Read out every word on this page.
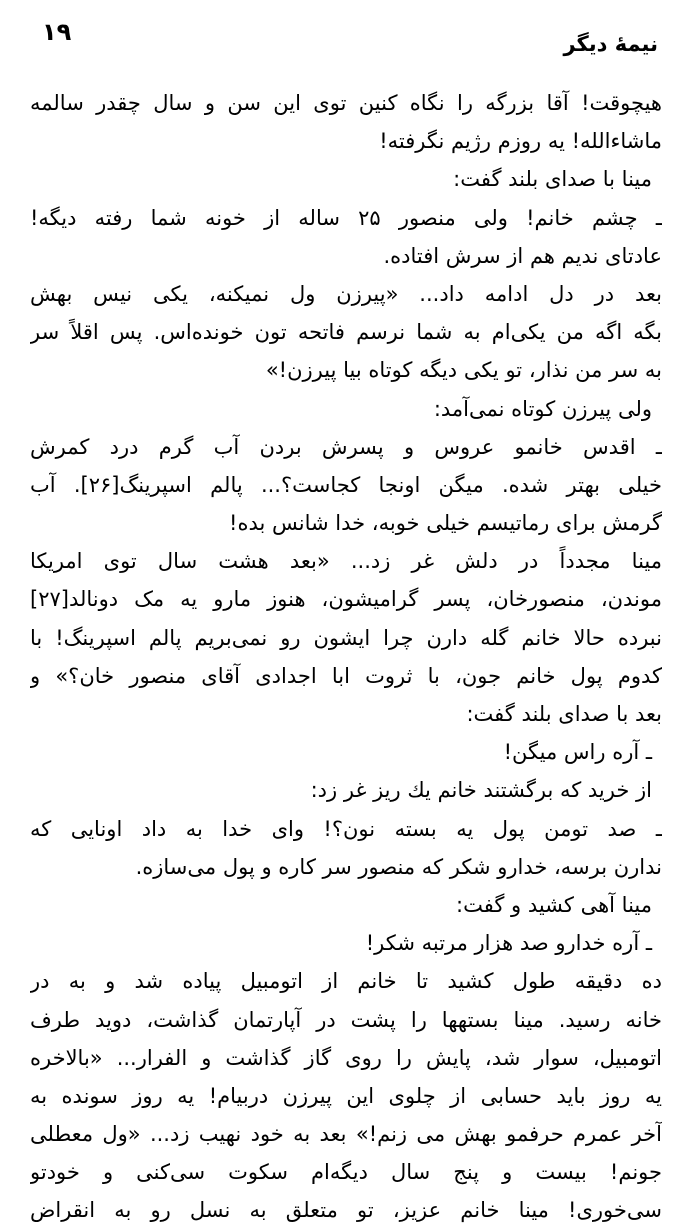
۱۹	نیمهٔ دیگر
هیچوقت! آقا بزرگه را نگاه کنین توی این سن و سال چقدر سالمه
ماشاءالله! یه روزم رژیم نگرفته!
مینا با صدای بلند گفت:
ـ چشم خانم! ولی منصور ۲۵ ساله از خونه شما رفته دیگه!
عادتای ندیم هم از سرش افتاده.
بعد در دل ادامه داد... «پیرزن ول نمیکنه، یکی نیس بهش
بگه اگه من یکی‌ام به شما نرسم فاتحه تون خونده‌اس. پس اقلاً سر
به سر من نذار، تو یکی دیگه کوتاه بیا پیرزن!»
ولی پیرزن کوتاه نمی‌آمد:
ـ اقدس خانمو عروس و پسرش بردن آب گرم درد کمرش
خیلی بهتر شده. میگن اونجا کجاست؟... پالم اسپرینگ[۲۶]. آب
گرمش برای رماتیسم خیلی خوبه، خدا شانس بده!
مینا مجدداً در دلش غر زد... «بعد هشت سال توی امریکا
موندن، منصورخان، پسر گرامیشون، هنوز مارو یه مک دونالد[۲۷]
نبرده حالا خانم گله دارن چرا ایشون رو نمی‌بریم پالم اسپرینگ! با
کدوم پول خانم جون، با ثروت ابا اجدادی آقای منصور خان؟» و
بعد با صدای بلند گفت:
ـ آره راس میگن!
از خرید که برگشتند خانم یك ریز غر زد:
ـ صد تومن پول یه بسته نون؟! وای خدا به داد اونایی که
ندارن برسه، خدارو شکر که منصور سر کاره و پول می‌سازه.
مینا آهی کشید و گفت:
ـ آره خدارو صد هزار مرتبه شکر!
ده دقیقه طول کشید تا خانم از اتومبیل پیاده شد و به در
خانه رسید. مینا بستهها را پشت در آپارتمان گذاشت، دوید طرف
اتومبیل، سوار شد، پایش را روی گاز گذاشت و الفرار... «بالاخره
یه روز باید حسابی از چلوی این پیرزن دربیام! یه روز سونده به
آخر عمرم حرفمو بهش می زنم!» بعد به خود نهیب زد... «ول معطلی
جونم! بیست و پنج سال دیگه‌ام سکوت سی‌کنی و خودتو
سی‌خوری! مینا خانم عزیز، تو متعلق به نسل رو به انقراض
